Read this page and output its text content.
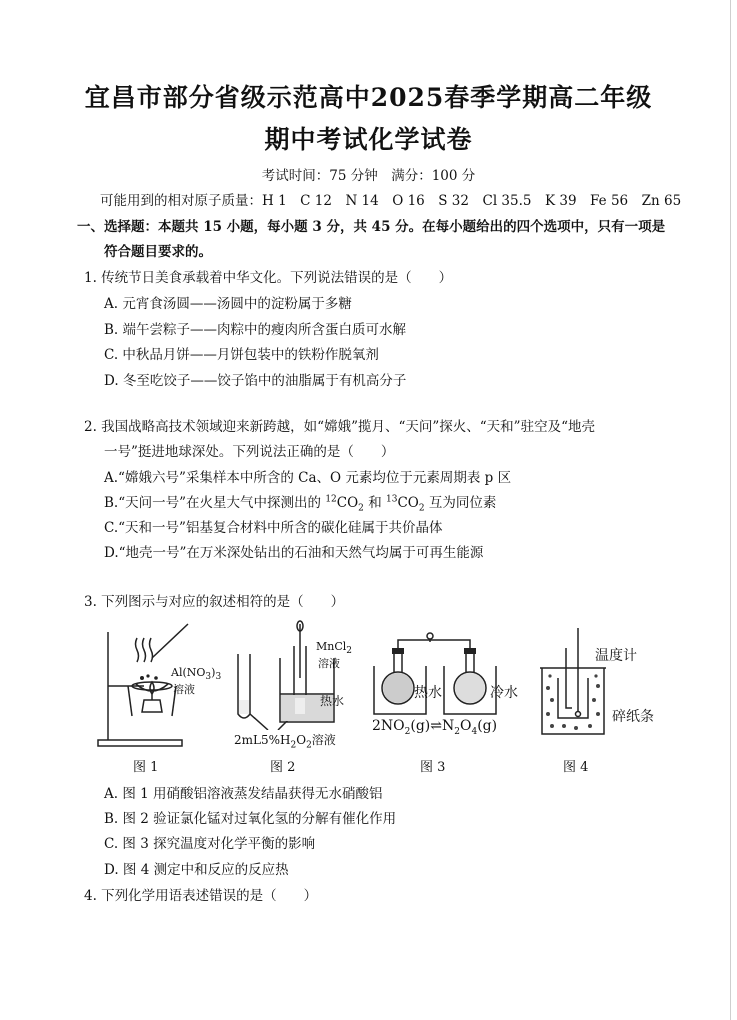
宜昌市部分省级示范高中2025春季学期高二年级
期中考试化学试卷
考试时间：75 分钟　满分：100 分
可能用到的相对原子质量：H 1　C 12　N 14　O 16　S 32　Cl 35.5　K 39　Fe 56　Zn 65
一、选择题：本题共 15 小题，每小题 3 分，共 45 分。在每小题给出的四个选项中，只有一项是
符合题目要求的。
1. 传统节日美食承载着中华文化。下列说法错误的是（　　）
A. 元宵食汤圆——汤圆中的淀粉属于多糖
B. 端午尝粽子——肉粽中的瘦肉所含蛋白质可水解
C. 中秋品月饼——月饼包装中的铁粉作脱氧剂
D. 冬至吃饺子——饺子馅中的油脂属于有机高分子
2. 我国战略高技术领域迎来新跨越，如“嫦娥”揽月、“天问”探火、“天和”驻空及“地壳
一号”挺进地球深处。下列说法正确的是（　　）
A.“嫦娥六号”采集样本中所含的 Ca、O 元素均位于元素周期表 p 区
B.“天问一号”在火星大气中探测出的 $^{12}CO_2$ 和 $^{13}CO_2$ 互为同位素
C.“天和一号”铝基复合材料中所含的碳化硅属于共价晶体
D.“地壳一号”在万米深处钻出的石油和天然气均属于可再生能源
3. 下列图示与对应的叙述相符的是（　　）
$Al(NO_3)_3$
溶液
图 1
MnCl$_2$
溶液
热水
$2mL5\%H_2O_2$溶液
图 2
热水	冷水
$2NO_2(g)\rightleftharpoons N_2O_4(g)$
图 3
温度计
碎纸条
图 4
A. 图 1 用硝酸铝溶液蒸发结晶获得无水硝酸铝
B. 图 2 验证氯化锰对过氧化氢的分解有催化作用
C. 图 3 探究温度对化学平衡的影响
D. 图 4 测定中和反应的反应热
4. 下列化学用语表述错误的是（　　）
